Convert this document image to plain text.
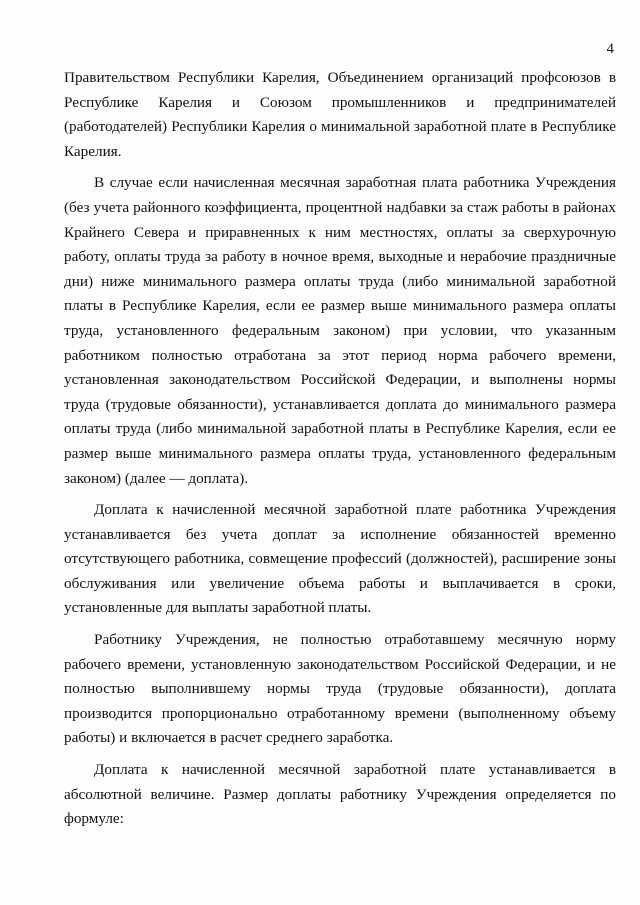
4

Правительством Республики Карелия, Объединением организаций профсоюзов в Республике Карелия и Союзом промышленников и предпринимателей (работодателей) Республики Карелия о минимальной заработной плате в Республике Карелия.

В случае если начисленная месячная заработная плата работника Учреждения (без учета районного коэффициента, процентной надбавки за стаж работы в районах Крайнего Севера и приравненных к ним местностях, оплаты за сверхурочную работу, оплаты труда за работу в ночное время, выходные и нерабочие праздничные дни) ниже минимального размера оплаты труда (либо минимальной заработной платы в Республике Карелия, если ее размер выше минимального размера оплаты труда, установленного федеральным законом) при условии, что указанным работником полностью отработана за этот период норма рабочего времени, установленная законодательством Российской Федерации, и выполнены нормы труда (трудовые обязанности), устанавливается доплата до минимального размера оплаты труда (либо минимальной заработной платы в Республике Карелия, если ее размер выше минимального размера оплаты труда, установленного федеральным законом) (далее — доплата).

Доплата к начисленной месячной заработной плате работника Учреждения устанавливается без учета доплат за исполнение обязанностей временно отсутствующего работника, совмещение профессий (должностей), расширение зоны обслуживания или увеличение объема работы и выплачивается в сроки, установленные для выплаты заработной платы.

Работнику Учреждения, не полностью отработавшему месячную норму рабочего времени, установленную законодательством Российской Федерации, и не полностью выполнившему нормы труда (трудовые обязанности), доплата производится пропорционально отработанному времени (выполненному объему работы) и включается в расчет среднего заработка.

Доплата к начисленной месячной заработной плате устанавливается в абсолютной величине. Размер доплаты работнику Учреждения определяется по формуле:
